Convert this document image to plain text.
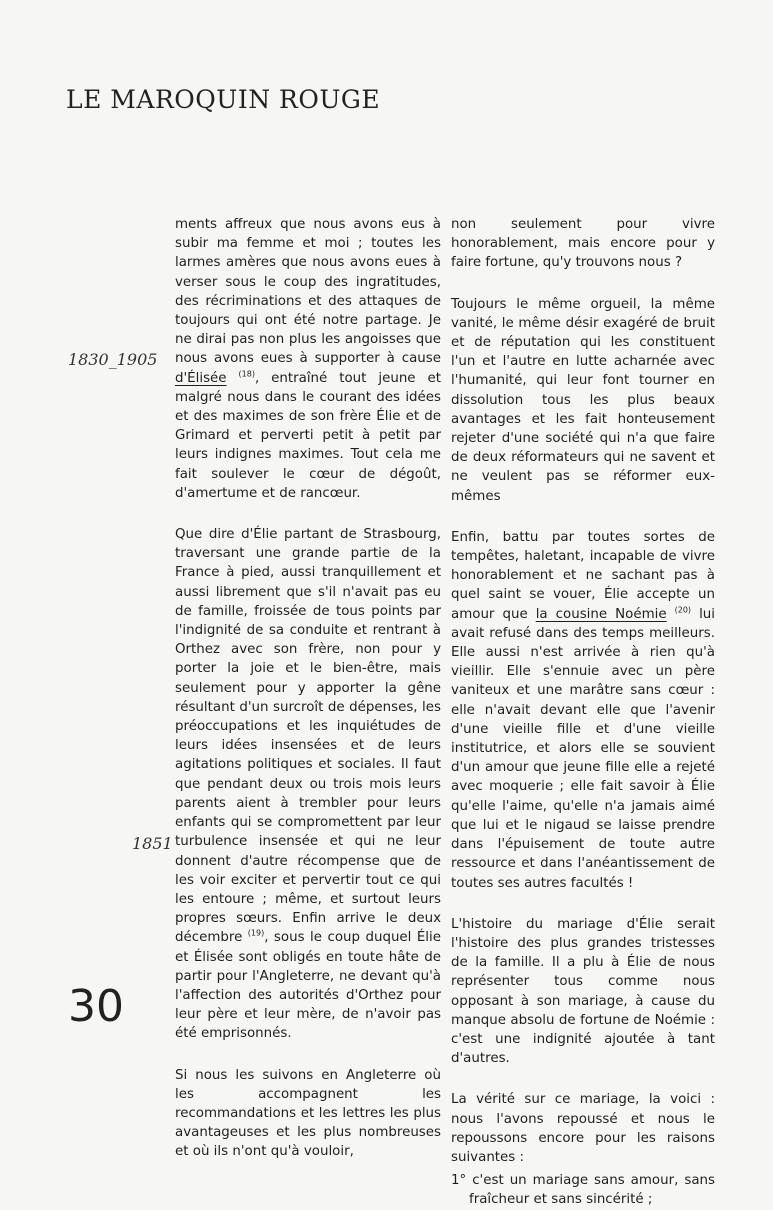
LE MAROQUIN ROUGE
1830_1905
1851

ments affreux que nous avons eus à subir ma femme et moi ; toutes les larmes amères que nous avons eues à verser sous le coup des ingratitudes, des récriminations et des attaques de toujours qui ont été notre partage. Je ne dirai pas non plus les angoisses que nous avons eues à supporter à cause d'Élisée $^{(18)}$, entraîné tout jeune et malgré nous dans le courant des idées et des maximes de son frère Élie et de Grimard et perverti petit à petit par leurs indignes maximes. Tout cela me fait soulever le cœur de dégoût, d'amertume et de rancœur.

Que dire d'Élie partant de Strasbourg, traversant une grande partie de la France à pied, aussi tranquillement et aussi librement que s'il n'avait pas eu de famille, froissée de tous points par l'indignité de sa conduite et rentrant à Orthez avec son frère, non pour y porter la joie et le bien-être, mais seulement pour y apporter la gêne résultant d'un surcroît de dépenses, les préoccupations et les inquiétudes de leurs idées insensées et de leurs agitations politiques et sociales. Il faut que pendant deux ou trois mois leurs parents aient à trembler pour leurs enfants qui se compromettent par leur turbulence insensée et qui ne leur donnent d'autre récompense que de les voir exciter et pervertir tout ce qui les entoure ; même, et surtout leurs propres sœurs. Enfin arrive le deux décembre $^{(19)}$, sous le coup duquel Élie et Élisée sont obligés en toute hâte de partir pour l'Angleterre, ne devant qu'à l'affection des autorités d'Orthez pour leur père et leur mère, de n'avoir pas été emprisonnés.

Si nous les suivons en Angleterre où les accompagnent les recommandations et les lettres les plus avantageuses et les plus nombreuses et où ils n'ont qu'à vouloir,

non seulement pour vivre honorablement, mais encore pour y faire fortune, qu'y trouvons nous ?

Toujours le même orgueil, la même vanité, le même désir exagéré de bruit et de réputation qui les constituent l'un et l'autre en lutte acharnée avec l'humanité, qui leur font tourner en dissolution tous les plus beaux avantages et les fait honteusement rejeter d'une société qui n'a que faire de deux réformateurs qui ne savent et ne veulent pas se réformer eux-mêmes

Enfin, battu par toutes sortes de tempêtes, haletant, incapable de vivre honorablement et ne sachant pas à quel saint se vouer, Élie accepte un amour que la cousine Noémie $^{(20)}$ lui avait refusé dans des temps meilleurs. Elle aussi n'est arrivée à rien qu'à vieillir. Elle s'ennuie avec un père vaniteux et une marâtre sans cœur : elle n'avait devant elle que l'avenir d'une vieille fille et d'une vieille institutrice, et alors elle se souvient d'un amour que jeune fille elle a rejeté avec moquerie ; elle fait savoir à Élie qu'elle l'aime, qu'elle n'a jamais aimé que lui et le nigaud se laisse prendre dans l'épuisement de toute autre ressource et dans l'anéantissement de toutes ses autres facultés !

L'histoire du mariage d'Élie serait l'histoire des plus grandes tristesses de la famille. Il a plu à Élie de nous représenter tous comme nous opposant à son mariage, à cause du manque absolu de fortune de Noémie : c'est une indignité ajoutée à tant d'autres.

La vérité sur ce mariage, la voici : nous l'avons repoussé et nous le repoussons encore pour les raisons suivantes :

1° c'est un mariage sans amour, sans fraîcheur et sans sincérité ;

30
